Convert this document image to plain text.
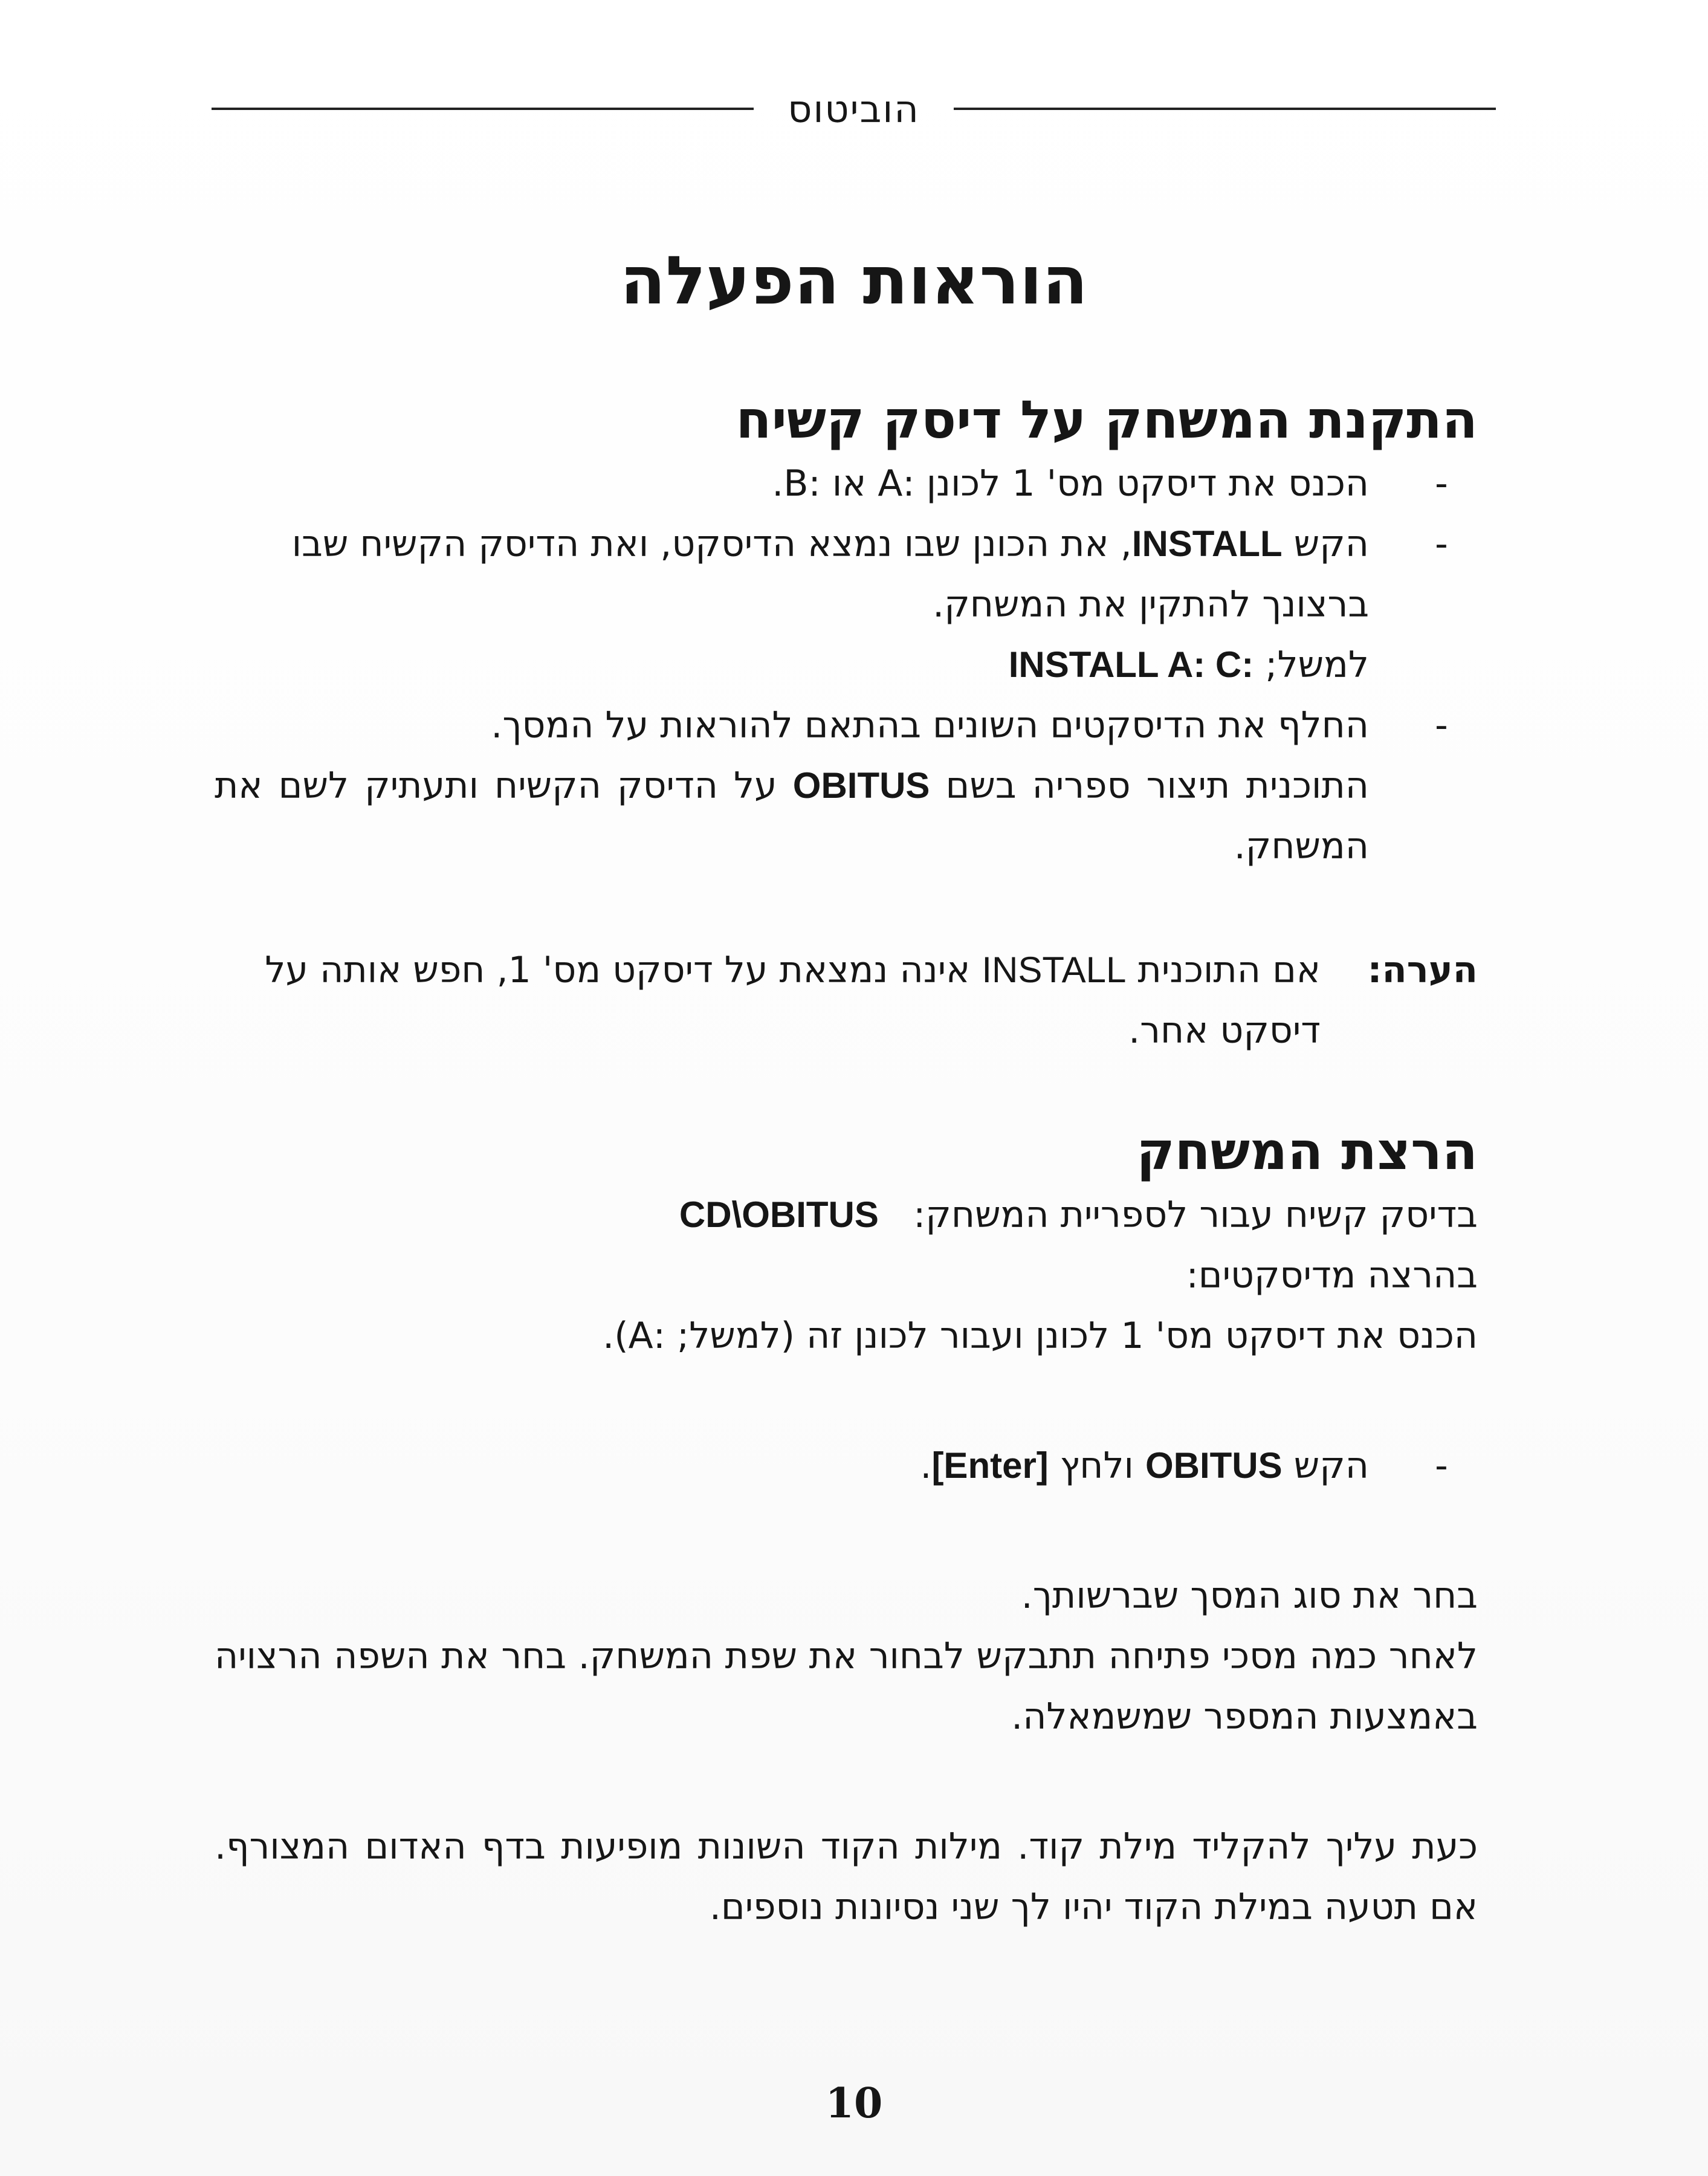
הוביטוס
הוראות הפעלה
התקנת המשחק על דיסק קשיח
-
הכנס את דיסקט מס' 1 לכונן :A או :B.
-
הקש INSTALL, את הכונן שבו נמצא הדיסקט, ואת הדיסק הקשיח שבו ברצונך להתקין את המשחק.
למשל; INSTALL A: C:
-
החלף את הדיסקטים השונים בהתאם להוראות על המסך.

התוכנית תיצור ספריה בשם OBITUS על הדיסק הקשיח ותעתיק לשם את המשחק.

הערה:
אם התוכנית INSTALL אינה נמצאת על דיסקט מס' 1, חפש אותה על דיסקט אחר.
הרצת המשחק

בדיסק קשיח עבור לספריית המשחק:   CD\OBITUS

בהרצה מדיסקטים:

הכנס את דיסקט מס' 1 לכונן ועבור לכונן זה (למשל; :A).

-
הקש OBITUS ולחץ [Enter].

בחר את סוג המסך שברשותך.

לאחר כמה מסכי פתיחה תתבקש לבחור את שפת המשחק. בחר את השפה הרצויה באמצעות המספר שמשמאלה.

כעת עליך להקליד מילת קוד. מילות הקוד השונות מופיעות בדף האדום המצורף. אם תטעה במילת הקוד יהיו לך שני נסיונות נוספים.

10
